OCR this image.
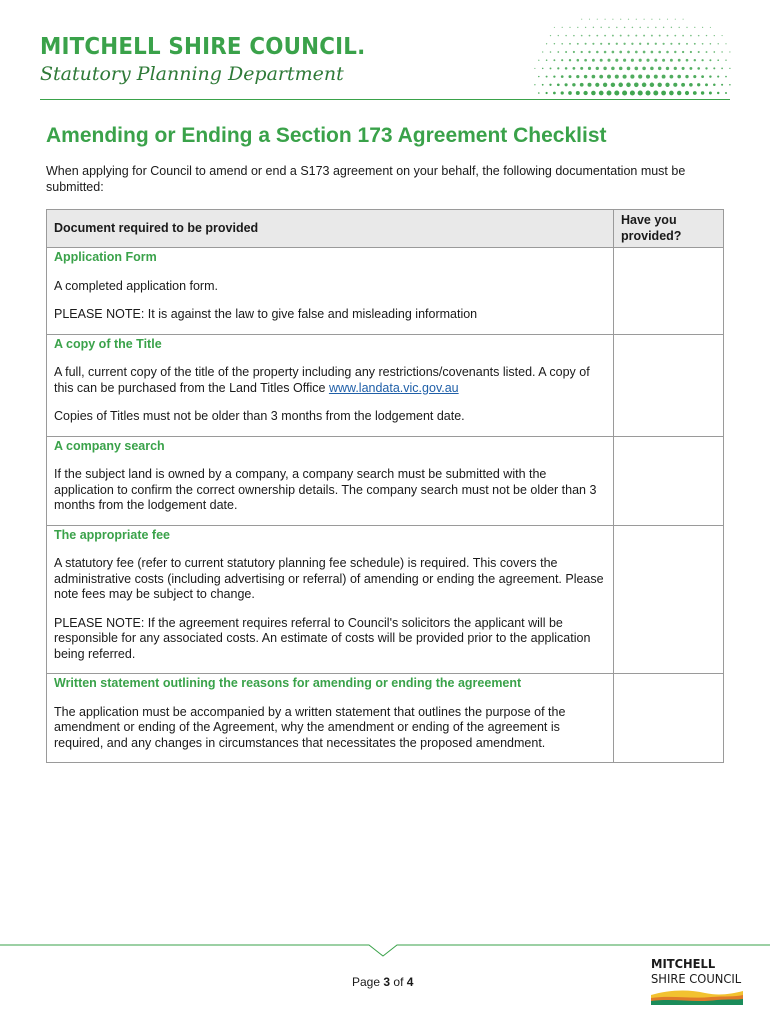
MITCHELL SHIRE COUNCIL.
Statutory Planning Department
Amending or Ending a Section 173 Agreement Checklist

When applying for Council to amend or end a S173 agreement on your behalf, the following documentation must be submitted:

Document required to be provided	Have you provided?

Application Form

A completed application form.

PLEASE NOTE: It is against the law to give false and misleading information	

A copy of the Title

A full, current copy of the title of the property including any restrictions/covenants listed. A copy of this can be purchased from the Land Titles Office www.landata.vic.gov.au

Copies of Titles must not be older than 3 months from the lodgement date.	

A company search

If the subject land is owned by a company, a company search must be submitted with the application to confirm the correct ownership details. The company search must not be older than 3 months from the lodgement date.	

The appropriate fee

A statutory fee (refer to current statutory planning fee schedule) is required. This covers the administrative costs (including advertising or referral) of amending or ending the agreement. Please note fees may be subject to change.

PLEASE NOTE: If the agreement requires referral to Council's solicitors the applicant will be responsible for any associated costs. An estimate of costs will be provided prior to the application being referred.	

Written statement outlining the reasons for amending or ending the agreement

The application must be accompanied by a written statement that outlines the purpose of the amendment or ending of the Agreement, why the amendment or ending of the agreement is required, and any changes in circumstances that necessitates the proposed amendment.	

Page 3 of 4
MITCHELL
SHIRE COUNCIL
